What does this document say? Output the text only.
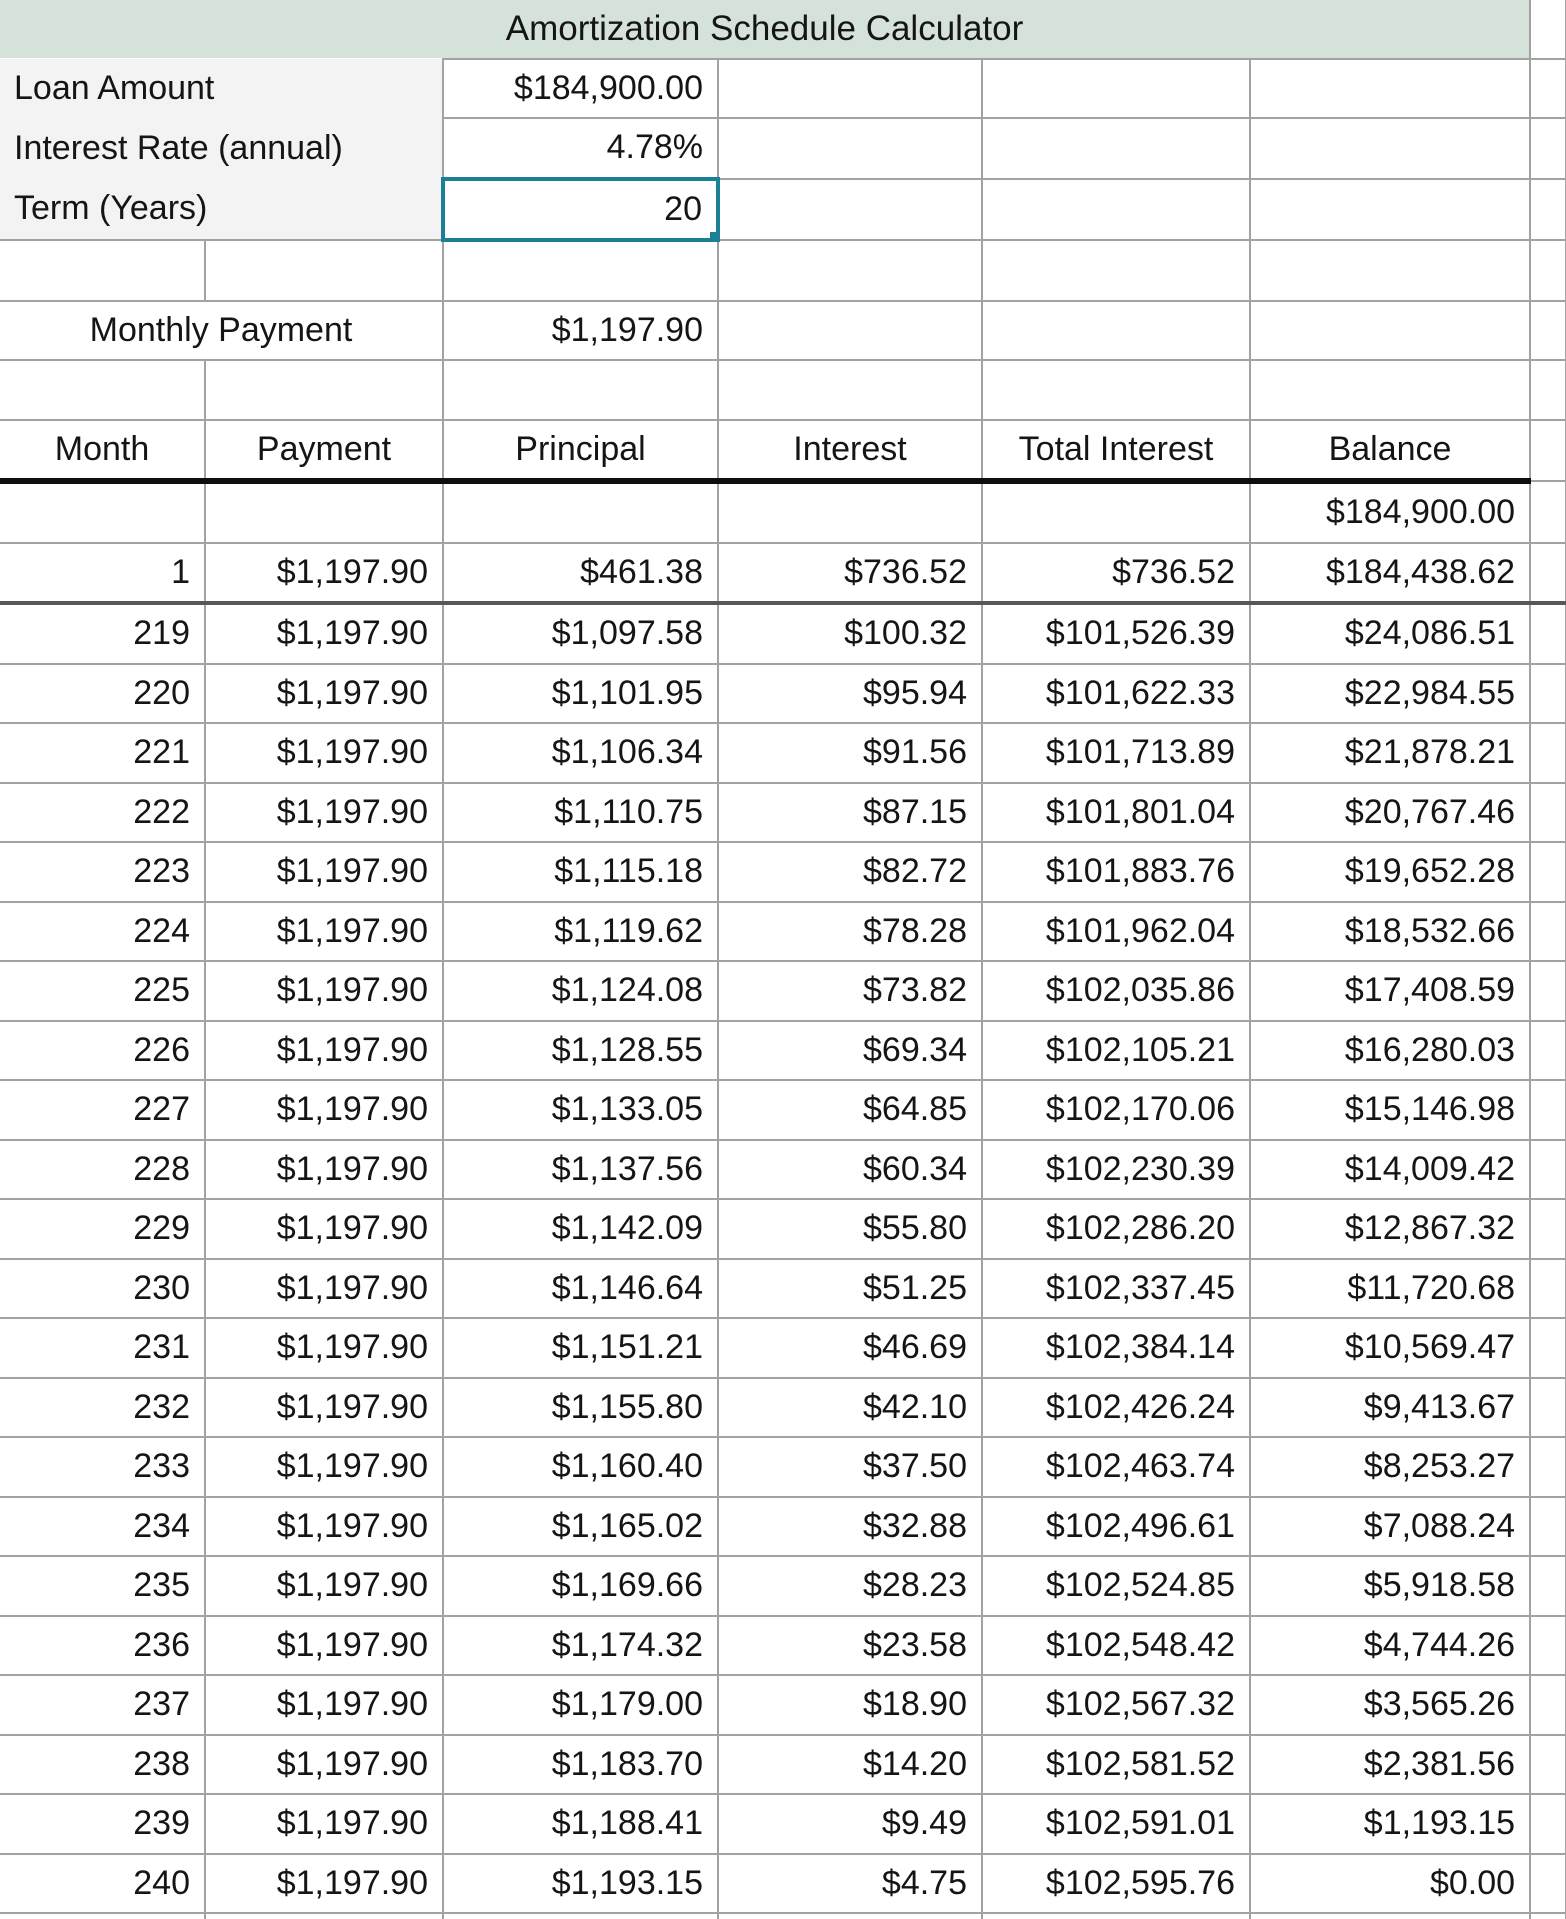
Amortization Schedule Calculator						
Loan Amount		$184,900.00				
Interest Rate (annual)		4.78%				
Term (Years)		20

Monthly Payment		$1,197.90				

Month	Payment	Principal	Interest	Total Interest	Balance	
					$184,900.00	
1	$1,197.90	$461.38	$736.52	$736.52	$184,438.62	
219	$1,197.90	$1,097.58	$100.32	$101,526.39	$24,086.51	
220	$1,197.90	$1,101.95	$95.94	$101,622.33	$22,984.55	
221	$1,197.90	$1,106.34	$91.56	$101,713.89	$21,878.21	
222	$1,197.90	$1,110.75	$87.15	$101,801.04	$20,767.46	
223	$1,197.90	$1,115.18	$82.72	$101,883.76	$19,652.28	
224	$1,197.90	$1,119.62	$78.28	$101,962.04	$18,532.66	
225	$1,197.90	$1,124.08	$73.82	$102,035.86	$17,408.59	
226	$1,197.90	$1,128.55	$69.34	$102,105.21	$16,280.03	
227	$1,197.90	$1,133.05	$64.85	$102,170.06	$15,146.98	
228	$1,197.90	$1,137.56	$60.34	$102,230.39	$14,009.42	
229	$1,197.90	$1,142.09	$55.80	$102,286.20	$12,867.32	
230	$1,197.90	$1,146.64	$51.25	$102,337.45	$11,720.68	
231	$1,197.90	$1,151.21	$46.69	$102,384.14	$10,569.47	
232	$1,197.90	$1,155.80	$42.10	$102,426.24	$9,413.67	
233	$1,197.90	$1,160.40	$37.50	$102,463.74	$8,253.27	
234	$1,197.90	$1,165.02	$32.88	$102,496.61	$7,088.24	
235	$1,197.90	$1,169.66	$28.23	$102,524.85	$5,918.58	
236	$1,197.90	$1,174.32	$23.58	$102,548.42	$4,744.26	
237	$1,197.90	$1,179.00	$18.90	$102,567.32	$3,565.26	
238	$1,197.90	$1,183.70	$14.20	$102,581.52	$2,381.56	
239	$1,197.90	$1,188.41	$9.49	$102,591.01	$1,193.15	
240	$1,197.90	$1,193.15	$4.75	$102,595.76	$0.00	
